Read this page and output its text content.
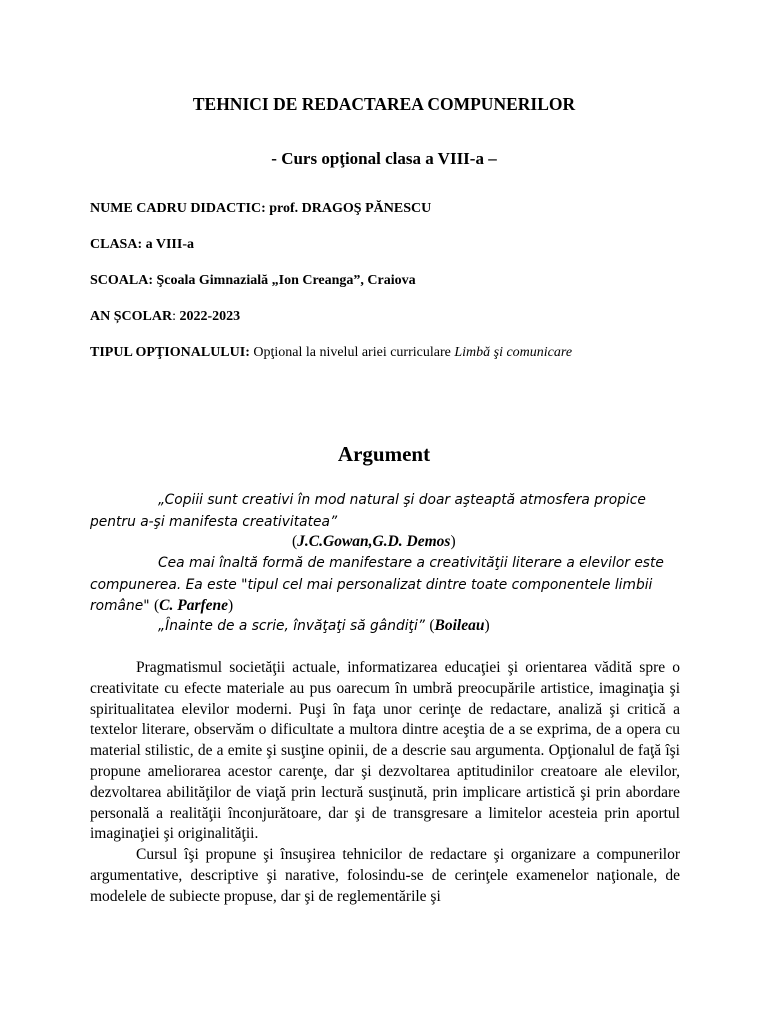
TEHNICI DE REDACTAREA COMPUNERILOR
- Curs opţional clasa a VIII-a –
NUME CADRU DIDACTIC: prof. DRAGOŞ PĂNESCU
CLASA: a VIII-a
SCOALA: Şcoala Gimnazială „Ion Creanga”, Craiova
AN ȘCOLAR: 2022-2023
TIPUL OPŢIONALULUI: Opţional la nivelul ariei curriculare Limbă şi comunicare
Argument
„Copiii sunt creativi în mod natural şi doar aşteaptă atmosfera propice
pentru a-şi manifesta creativitatea”
(J.C.Gowan,G.D. Demos)
Cea mai înaltă formă de manifestare a creativităţii literare a elevilor este
compunerea. Ea este "tipul cel mai personalizat dintre toate componentele limbii
române" (C. Parfene)
„Înainte de a scrie, învăţaţi să gândiţi” (Boileau)

Pragmatismul societăţii actuale, informatizarea educaţiei şi orientarea vădită spre o creativitate cu efecte materiale au pus oarecum în umbră preocupările artistice, imaginaţia şi spiritualitatea elevilor moderni. Puşi în faţa unor cerinţe de redactare, analiză şi critică a textelor literare, observăm o dificultate a multora dintre aceştia de a se exprima, de a opera cu material stilistic, de a emite şi susţine opinii, de a descrie sau argumenta. Opţionalul de faţă îşi propune ameliorarea acestor carenţe, dar şi dezvoltarea aptitudinilor creatoare ale elevilor, dezvoltarea abilităţilor de viaţă prin lectură susţinută, prin implicare artistică şi prin abordare personală a realităţii înconjurătoare, dar şi de transgresare a limitelor acesteia prin aportul imaginaţiei şi originalităţii.

Cursul îşi propune şi însuşirea tehnicilor de redactare şi organizare a compunerilor argumentative, descriptive şi narative, folosindu-se de cerinţele examenelor naţionale, de modelele de subiecte propuse, dar şi de reglementările şi
